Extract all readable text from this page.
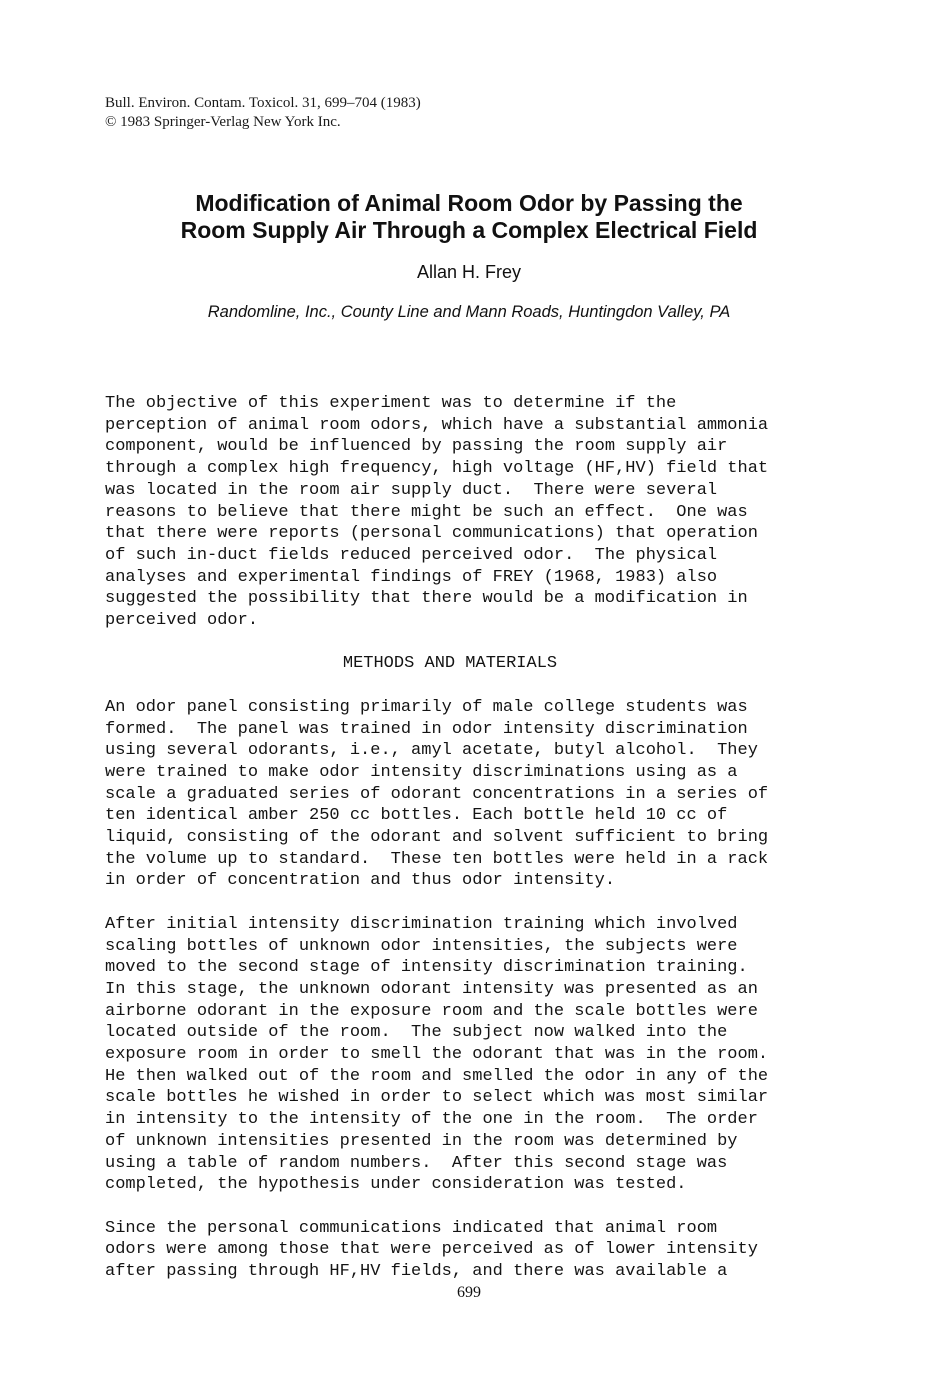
Bull. Environ. Contam. Toxicol. 31, 699–704 (1983)
© 1983 Springer-Verlag New York Inc.
Modification of Animal Room Odor by Passing the
Room Supply Air Through a Complex Electrical Field
Allan H. Frey
Randomline, Inc., County Line and Mann Roads, Huntingdon Valley, PA
The objective of this experiment was to determine if the
perception of animal room odors, which have a substantial ammonia
component, would be influenced by passing the room supply air
through a complex high frequency, high voltage (HF,HV) field that
was located in the room air supply duct.  There were several
reasons to believe that there might be such an effect.  One was
that there were reports (personal communications) that operation
of such in-duct fields reduced perceived odor.  The physical
analyses and experimental findings of FREY (1968, 1983) also
suggested the possibility that there would be a modification in
perceived odor.
METHODS AND MATERIALS
An odor panel consisting primarily of male college students was
formed.  The panel was trained in odor intensity discrimination
using several odorants, i.e., amyl acetate, butyl alcohol.  They
were trained to make odor intensity discriminations using as a
scale a graduated series of odorant concentrations in a series of
ten identical amber 250 cc bottles. Each bottle held 10 cc of
liquid, consisting of the odorant and solvent sufficient to bring
the volume up to standard.  These ten bottles were held in a rack
in order of concentration and thus odor intensity.
After initial intensity discrimination training which involved
scaling bottles of unknown odor intensities, the subjects were
moved to the second stage of intensity discrimination training.
In this stage, the unknown odorant intensity was presented as an
airborne odorant in the exposure room and the scale bottles were
located outside of the room.  The subject now walked into the
exposure room in order to smell the odorant that was in the room.
He then walked out of the room and smelled the odor in any of the
scale bottles he wished in order to select which was most similar
in intensity to the intensity of the one in the room.  The order
of unknown intensities presented in the room was determined by
using a table of random numbers.  After this second stage was
completed, the hypothesis under consideration was tested.
Since the personal communications indicated that animal room
odors were among those that were perceived as of lower intensity
after passing through HF,HV fields, and there was available a
699
